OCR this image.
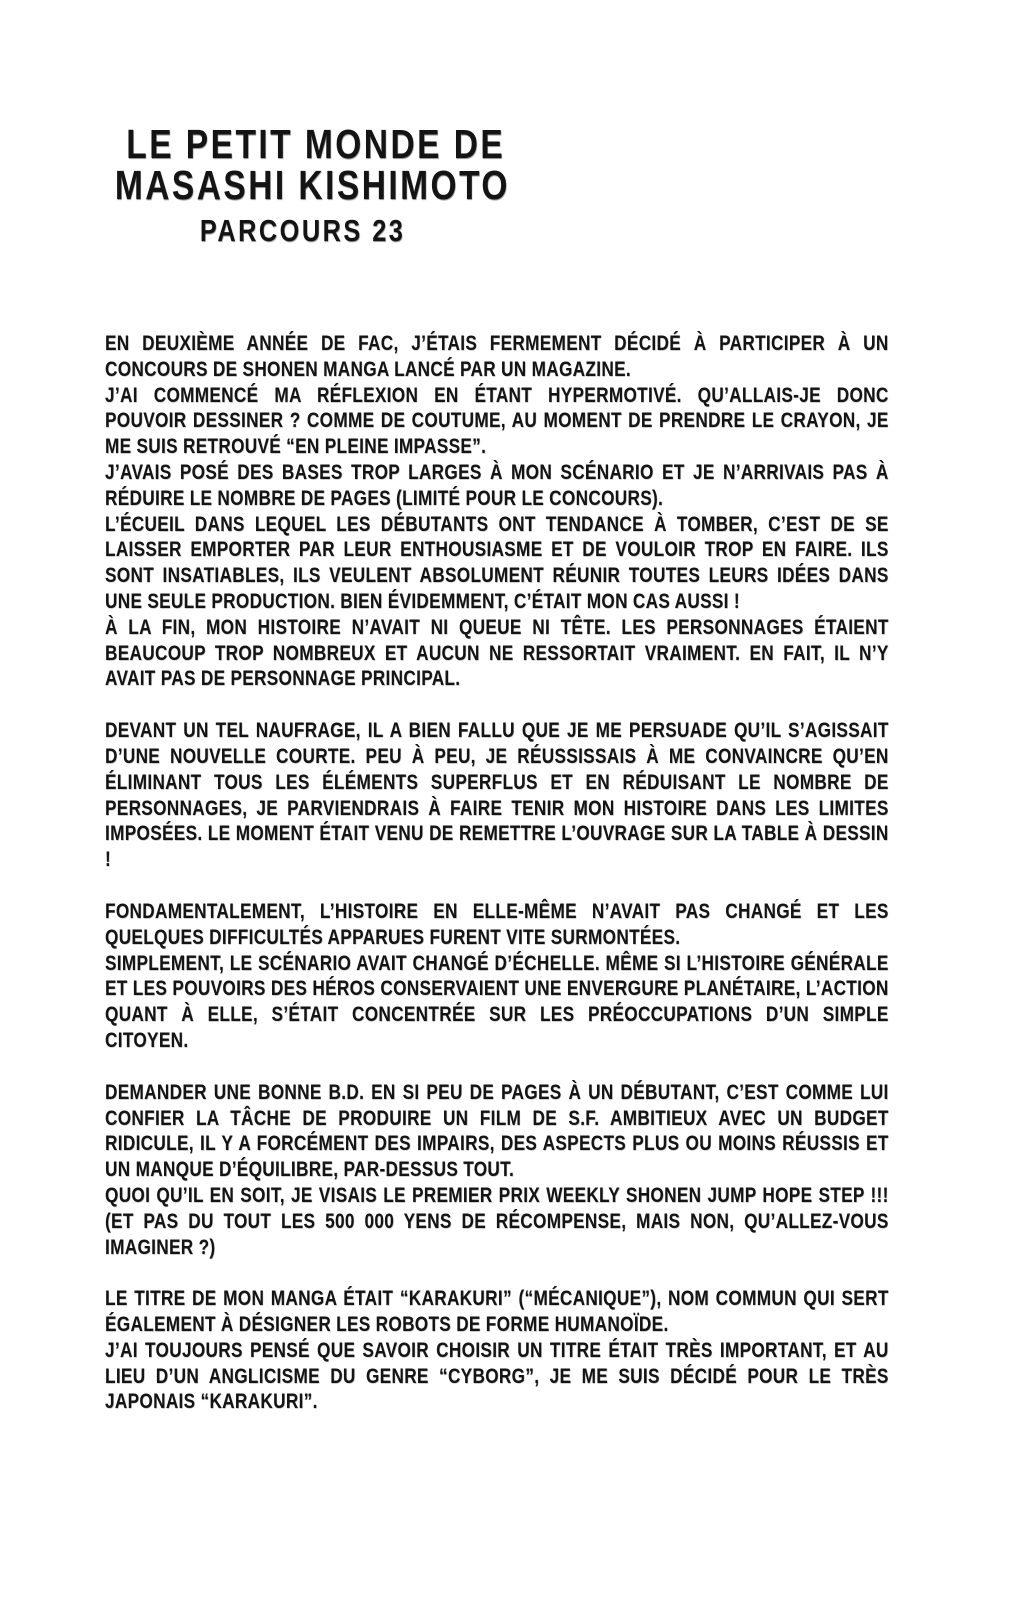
LE PETIT MONDE DE
MASASHI KISHIMOTO
PARCOURS 23

EN DEUXIÈME ANNÉE DE FAC, J’ÉTAIS FERMEMENT DÉCIDÉ À PARTICIPER À UN CONCOURS DE SHONEN MANGA LANCÉ PAR UN MAGAZINE.

J’AI COMMENCÉ MA RÉFLEXION EN ÉTANT HYPERMOTIVÉ. QU’ALLAIS-JE DONC POUVOIR DESSINER ? COMME DE COUTUME, AU MOMENT DE PRENDRE LE CRAYON, JE ME SUIS RETROUVÉ “EN PLEINE IMPASSE”.

J’AVAIS POSÉ DES BASES TROP LARGES À MON SCÉNARIO ET JE N’ARRIVAIS PAS À RÉDUIRE LE NOMBRE DE PAGES (LIMITÉ POUR LE CONCOURS).

L’ÉCUEIL DANS LEQUEL LES DÉBUTANTS ONT TENDANCE À TOMBER, C’EST DE SE LAISSER EMPORTER PAR LEUR ENTHOUSIASME ET DE VOULOIR TROP EN FAIRE. ILS SONT INSATIABLES, ILS VEULENT ABSOLUMENT RÉUNIR TOUTES LEURS IDÉES DANS UNE SEULE PRODUCTION. BIEN ÉVIDEMMENT, C’ÉTAIT MON CAS AUSSI !

À LA FIN, MON HISTOIRE N’AVAIT NI QUEUE NI TÊTE. LES PERSONNAGES ÉTAIENT BEAUCOUP TROP NOMBREUX ET AUCUN NE RESSORTAIT VRAIMENT. EN FAIT, IL N’Y AVAIT PAS DE PERSONNAGE PRINCIPAL.

DEVANT UN TEL NAUFRAGE, IL A BIEN FALLU QUE JE ME PERSUADE QU’IL S’AGISSAIT D’UNE NOUVELLE COURTE. PEU À PEU, JE RÉUSSISSAIS À ME CONVAINCRE QU’EN ÉLIMINANT TOUS LES ÉLÉMENTS SUPERFLUS ET EN RÉDUISANT LE NOMBRE DE PERSONNAGES, JE PARVIENDRAIS À FAIRE TENIR MON HISTOIRE DANS LES LIMITES IMPOSÉES. LE MOMENT ÉTAIT VENU DE REMETTRE L’OUVRAGE SUR LA TABLE À DESSIN !

FONDAMENTALEMENT, L’HISTOIRE EN ELLE-MÊME N’AVAIT PAS CHANGÉ ET LES QUELQUES DIFFICULTÉS APPARUES FURENT VITE SURMONTÉES.

SIMPLEMENT, LE SCÉNARIO AVAIT CHANGÉ D’ÉCHELLE. MÊME SI L’HISTOIRE GÉNÉRALE ET LES POUVOIRS DES HÉROS CONSERVAIENT UNE ENVERGURE PLANÉTAIRE, L’ACTION QUANT À ELLE, S’ÉTAIT CONCENTRÉE SUR LES PRÉOCCUPATIONS D’UN SIMPLE CITOYEN.

DEMANDER UNE BONNE B.D. EN SI PEU DE PAGES À UN DÉBUTANT, C’EST COMME LUI CONFIER LA TÂCHE DE PRODUIRE UN FILM DE S.F. AMBITIEUX AVEC UN BUDGET RIDICULE, IL Y A FORCÉMENT DES IMPAIRS, DES ASPECTS PLUS OU MOINS RÉUSSIS ET UN MANQUE D’ÉQUILIBRE, PAR-DESSUS TOUT.

QUOI QU’IL EN SOIT, JE VISAIS LE PREMIER PRIX WEEKLY SHONEN JUMP HOPE STEP !!! (ET PAS DU TOUT LES 500 000 YENS DE RÉCOMPENSE, MAIS NON, QU’ALLEZ-VOUS IMAGINER ?)

LE TITRE DE MON MANGA ÉTAIT “KARAKURI” (“MÉCANIQUE”), NOM COMMUN QUI SERT ÉGALEMENT À DÉSIGNER LES ROBOTS DE FORME HUMANOÏDE.

J’AI TOUJOURS PENSÉ QUE SAVOIR CHOISIR UN TITRE ÉTAIT TRÈS IMPORTANT, ET AU LIEU D’UN ANGLICISME DU GENRE “CYBORG”, JE ME SUIS DÉCIDÉ POUR LE TRÈS JAPONAIS “KARAKURI”.
